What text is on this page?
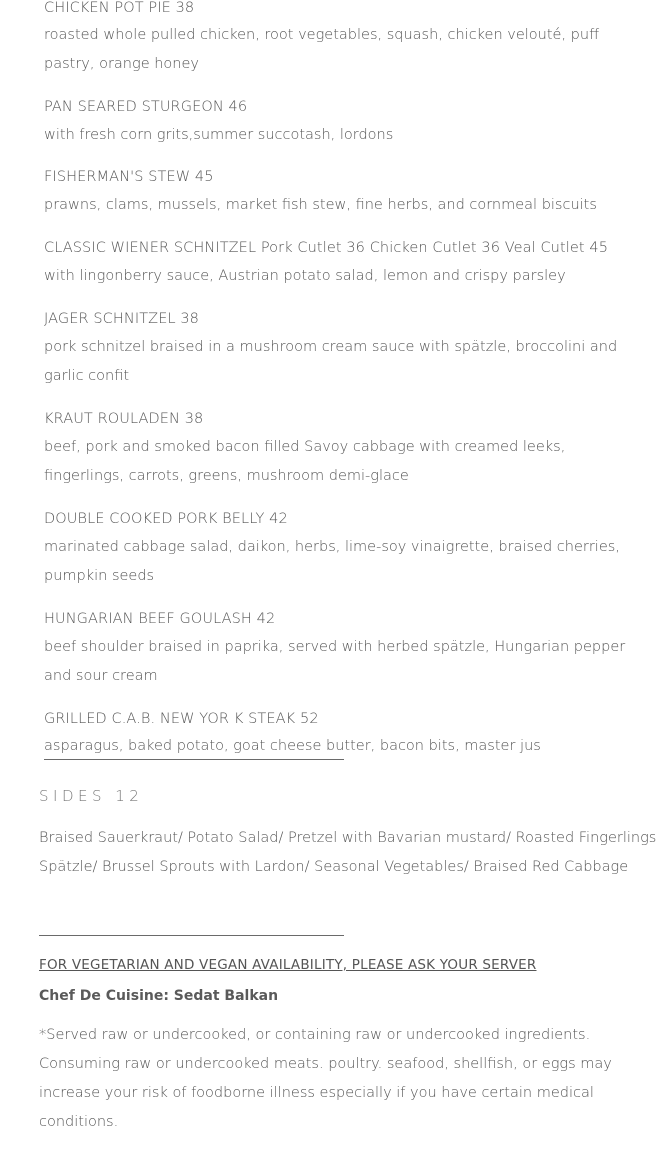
CHICKEN POT PIE 38
roasted whole pulled chicken, root vegetables, squash, chicken velouté, puff pastry, orange honey
PAN SEARED STURGEON 46
with fresh corn grits,summer succotash, lordons
FISHERMAN'S STEW 45
prawns, clams, mussels, market fish stew, fine herbs, and cornmeal biscuits
CLASSIC WIENER SCHNITZEL Pork Cutlet 36 Chicken Cutlet 36 Veal Cutlet 45
with lingonberry sauce, Austrian potato salad, lemon and crispy parsley
JAGER SCHNITZEL 38
pork schnitzel braised in a mushroom cream sauce with spätzle, broccolini and garlic confit
KRAUT ROULADEN 38
beef, pork and smoked bacon filled Savoy cabbage with creamed leeks, fingerlings, carrots, greens, mushroom demi-glace
DOUBLE COOKED PORK BELLY 42
marinated cabbage salad, daikon, herbs, lime-soy vinaigrette, braised cherries, pumpkin seeds
HUNGARIAN BEEF GOULASH 42
beef shoulder braised in paprika, served with herbed spätzle, Hungarian pepper and sour cream
GRILLED C.A.B. NEW YOR K STEAK 52
asparagus, baked potato, goat cheese butter, bacon bits, master jus
SIDES 12
Braised Sauerkraut/ Potato Salad/ Pretzel with Bavarian mustard/ Roasted Fingerlings
Spätzle/ Brussel Sprouts with Lardon/ Seasonal Vegetables/ Braised Red Cabbage
FOR VEGETARIAN AND VEGAN AVAILABILITY, PLEASE ASK YOUR SERVER
Chef De Cuisine: Sedat Balkan
*Served raw or undercooked, or containing raw or undercooked ingredients. Consuming raw or undercooked meats. poultry. seafood, shellfish, or eggs may increase your risk of foodborne illness especially if you have certain medical conditions.
